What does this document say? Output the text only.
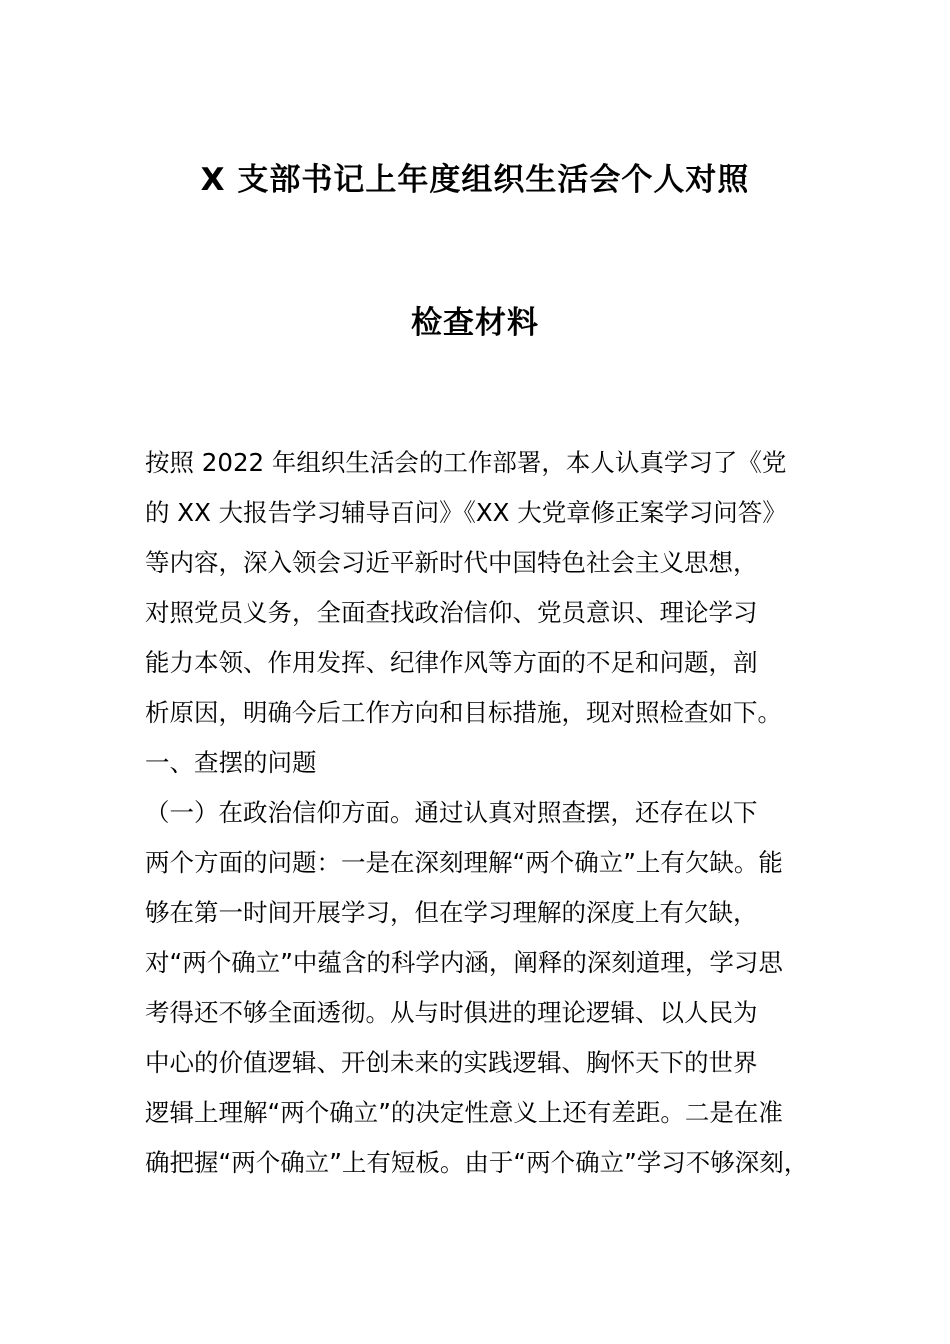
X 支部书记上年度组织生活会个人对照
检查材料
按照 2022 年组织生活会的工作部署，本人认真学习了《党
的 XX 大报告学习辅导百问》《XX 大党章修正案学习问答》
等内容，深入领会习近平新时代中国特色社会主义思想，
对照党员义务，全面查找政治信仰、党员意识、理论学习
能力本领、作用发挥、纪律作风等方面的不足和问题，剖
析原因，明确今后工作方向和目标措施，现对照检查如下。
一、查摆的问题
（一）在政治信仰方面。通过认真对照查摆，还存在以下
两个方面的问题：一是在深刻理解“两个确立”上有欠缺。能
够在第一时间开展学习，但在学习理解的深度上有欠缺，
对“两个确立”中蕴含的科学内涵，阐释的深刻道理，学习思
考得还不够全面透彻。从与时俱进的理论逻辑、以人民为
中心的价值逻辑、开创未来的实践逻辑、胸怀天下的世界
逻辑上理解“两个确立”的决定性意义上还有差距。二是在准
确把握“两个确立”上有短板。由于“两个确立”学习不够深刻，
